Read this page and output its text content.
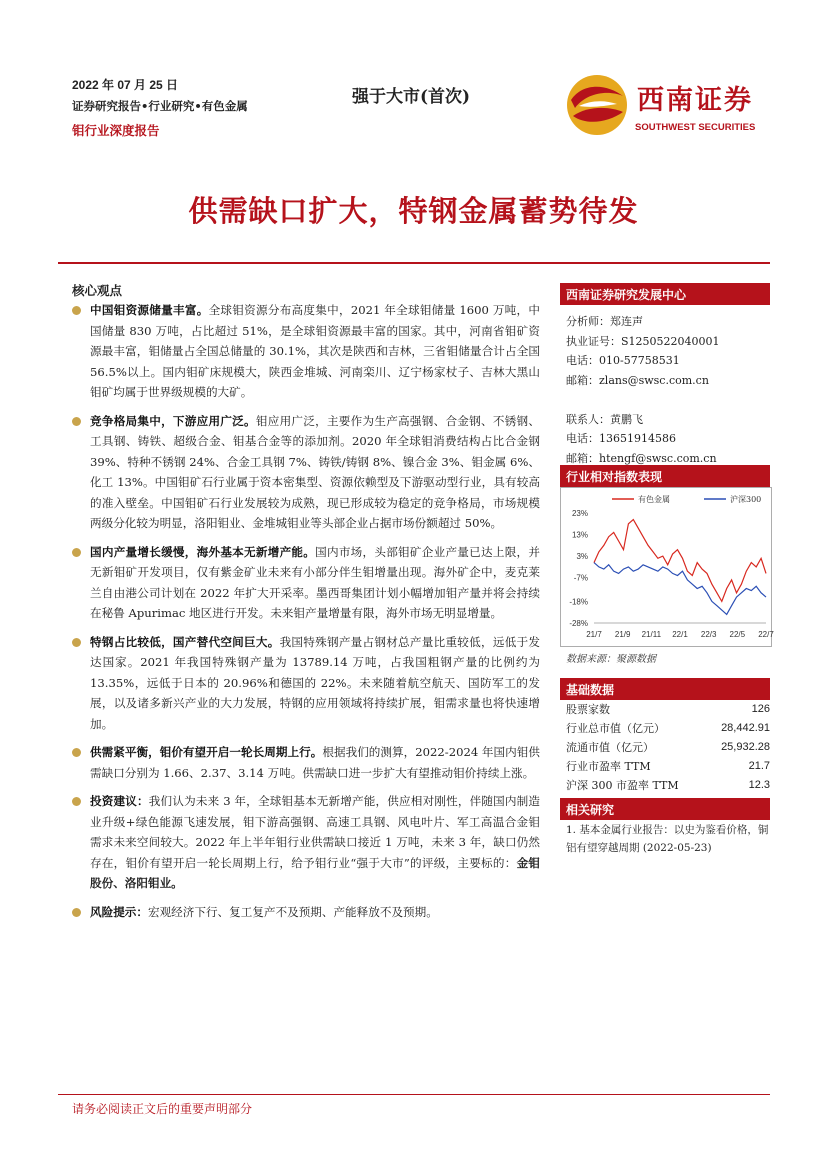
2022 年 07 月 25 日
证券研究报告•行业研究•有色金属
钼行业深度报告
强于大市(首次)	西南证券
SOUTHWEST SECURITIES
供需缺口扩大，特钢金属蓄势待发
核心观点
中国钼资源储量丰富。全球钼资源分布高度集中，2021 年全球钼储量 1600 万吨，中国储量 830 万吨，占比超过 51%，是全球钼资源最丰富的国家。其中，河南省钼矿资源最丰富，钼储量占全国总储量的 30.1%，其次是陕西和吉林，三省钼储量合计占全国 56.5%以上。国内钼矿床规模大，陕西金堆城、河南栾川、辽宁杨家杖子、吉林大黑山钼矿均属于世界级规模的大矿。
竞争格局集中，下游应用广泛。钼应用广泛，主要作为生产高强钢、合金钢、不锈钢、工具钢、铸铁、超级合金、钼基合金等的添加剂。2020 年全球钼消费结构占比合金钢 39%、特种不锈钢 24%、合金工具钢 7%、铸铁/铸钢 8%、镍合金 3%、钼金属 6%、化工 13%。中国钼矿石行业属于资本密集型、资源依赖型及下游驱动型行业，具有较高的准入壁垒。中国钼矿石行业发展较为成熟，现已形成较为稳定的竞争格局，市场规模两级分化较为明显，洛阳钼业、金堆城钼业等头部企业占据市场份额超过 50%。
国内产量增长缓慢，海外基本无新增产能。国内市场，头部钼矿企业产量已达上限，并无新钼矿开发项目，仅有紫金矿业未来有小部分伴生钼增量出现。海外矿企中，麦克莱兰自由港公司计划在 2022 年扩大开采率。墨西哥集团计划小幅增加钼产量并将会持续在秘鲁 Apurimac 地区进行开发。未来钼产量增量有限，海外市场无明显增量。
特钢占比较低，国产替代空间巨大。我国特殊钢产量占钢材总产量比重较低，远低于发达国家。2021 年我国特殊钢产量为 13789.14 万吨，占我国粗钢产量的比例约为 13.35%，远低于日本的 20.96%和德国的 22%。未来随着航空航天、国防军工的发展，以及诸多新兴产业的大力发展，特钢的应用领域将持续扩展，钼需求量也将快速增加。
供需紧平衡，钼价有望开启一轮长周期上行。根据我们的测算，2022-2024 年国内钼供需缺口分别为 1.66、2.37、3.14 万吨。供需缺口进一步扩大有望推动钼价持续上涨。
投资建议：我们认为未来 3 年，全球钼基本无新增产能，供应相对刚性，伴随国内制造业升级+绿色能源飞速发展，钼下游高强钢、高速工具钢、风电叶片、军工高温合金钼需求未来空间较大。2022 年上半年钼行业供需缺口接近 1 万吨，未来 3 年，缺口仍然存在，钼价有望开启一轮长周期上行，给予钼行业“强于大市”的评级，主要标的：金钼股份、洛阳钼业。
风险提示：宏观经济下行、复工复产不及预期、产能释放不及预期。
西南证券研究发展中心
分析师：郑连声
执业证号：S1250522040001
电话：010-57758531
邮箱：zlans@swsc.com.cn
联系人：黄鹏飞
电话：13651914586
邮箱：htengf@swsc.com.cn
行业相对指数表现
23%
13%
3%
-7%
-18%
-28%
21/7 21/9 21/11 22/1 22/3 22/5 22/7
有色金属	沪深300
数据来源：聚源数据
基础数据
股票家数	126
行业总市值（亿元）	28,442.91
流通市值（亿元）	25,932.28
行业市盈率 TTM	21.7
沪深 300 市盈率 TTM	12.3
相关研究
1. 基本金属行业报告：以史为鉴看价格，铜铝有望穿越周期 (2022-05-23)
请务必阅读正文后的重要声明部分
